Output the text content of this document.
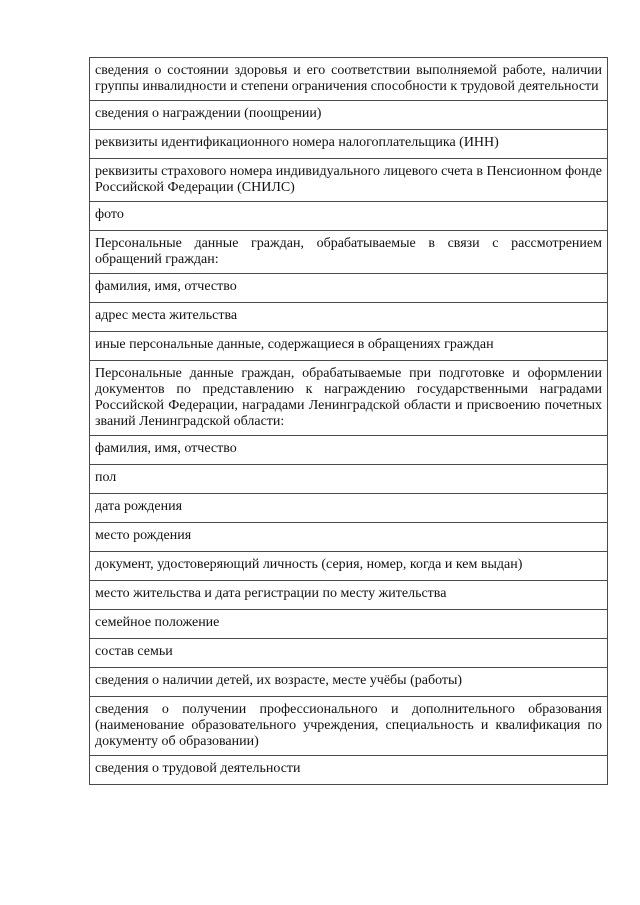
сведения о состоянии здоровья и его соответствии выполняемой работе, наличии группы инвалидности и степени ограничения способности к трудовой деятельности
сведения о награждении (поощрении)
реквизиты идентификационного номера налогоплательщика (ИНН)
реквизиты страхового номера индивидуального лицевого счета в Пенсионном фонде Российской Федерации (СНИЛС)
фото
Персональные данные граждан, обрабатываемые в связи с рассмотрением обращений граждан:
фамилия, имя, отчество
адрес места жительства
иные персональные данные, содержащиеся в обращениях граждан
Персональные данные граждан, обрабатываемые при подготовке и оформлении документов по представлению к награждению государственными наградами Российской Федерации, наградами Ленинградской области и присвоению почетных званий Ленинградской области:
фамилия, имя, отчество
пол
дата рождения
место рождения
документ, удостоверяющий личность (серия, номер, когда и кем выдан)
место жительства и дата регистрации по месту жительства
семейное положение
состав семьи
сведения о наличии детей, их возрасте, месте учёбы (работы)
сведения о получении профессионального и дополнительного образования (наименование образовательного учреждения, специальность и квалификация по документу об образовании)
сведения о трудовой деятельности
